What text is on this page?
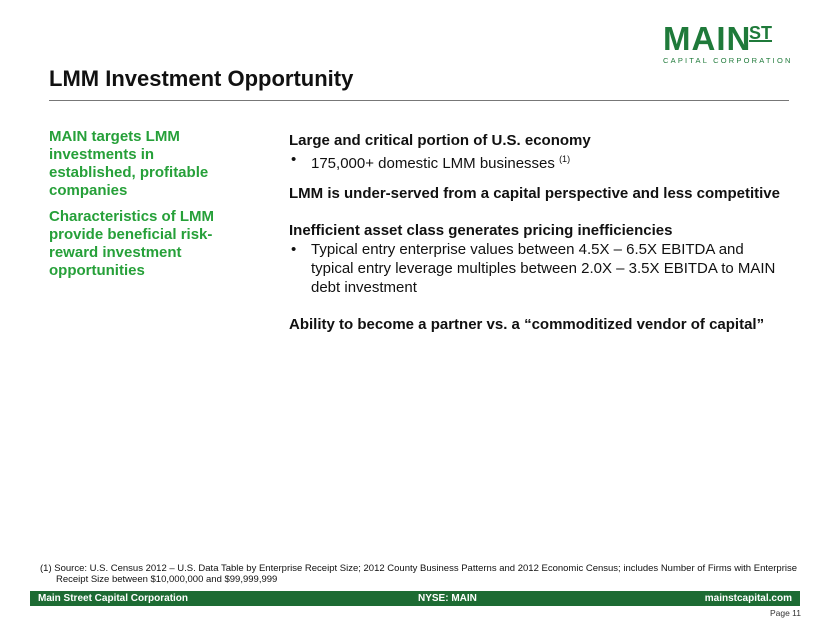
MAIN
ST
CAPITAL CORPORATION
LMM Investment Opportunity

MAIN targets LMM investments in established, profitable companies

Characteristics of LMM provide beneficial risk-reward investment opportunities

Large and critical portion of U.S. economy

• 175,000+ domestic LMM businesses $^{(1)}$

LMM is under-served from a capital perspective and less competitive

Inefficient asset class generates pricing inefficiencies

• Typical entry enterprise values between 4.5X – 6.5X EBITDA and typical entry leverage multiples between 2.0X – 3.5X EBITDA to MAIN debt investment

Ability to become a partner vs. a “commoditized vendor of capital”

(1) Source: U.S. Census 2012 – U.S. Data Table by Enterprise Receipt Size; 2012 County Business Patterns and 2012 Economic Census; includes Number of Firms with Enterprise
Receipt Size between $10,000,000 and $99,999,999
Main Street Capital Corporation	NYSE: MAIN	mainstcapital.com
Page 11
